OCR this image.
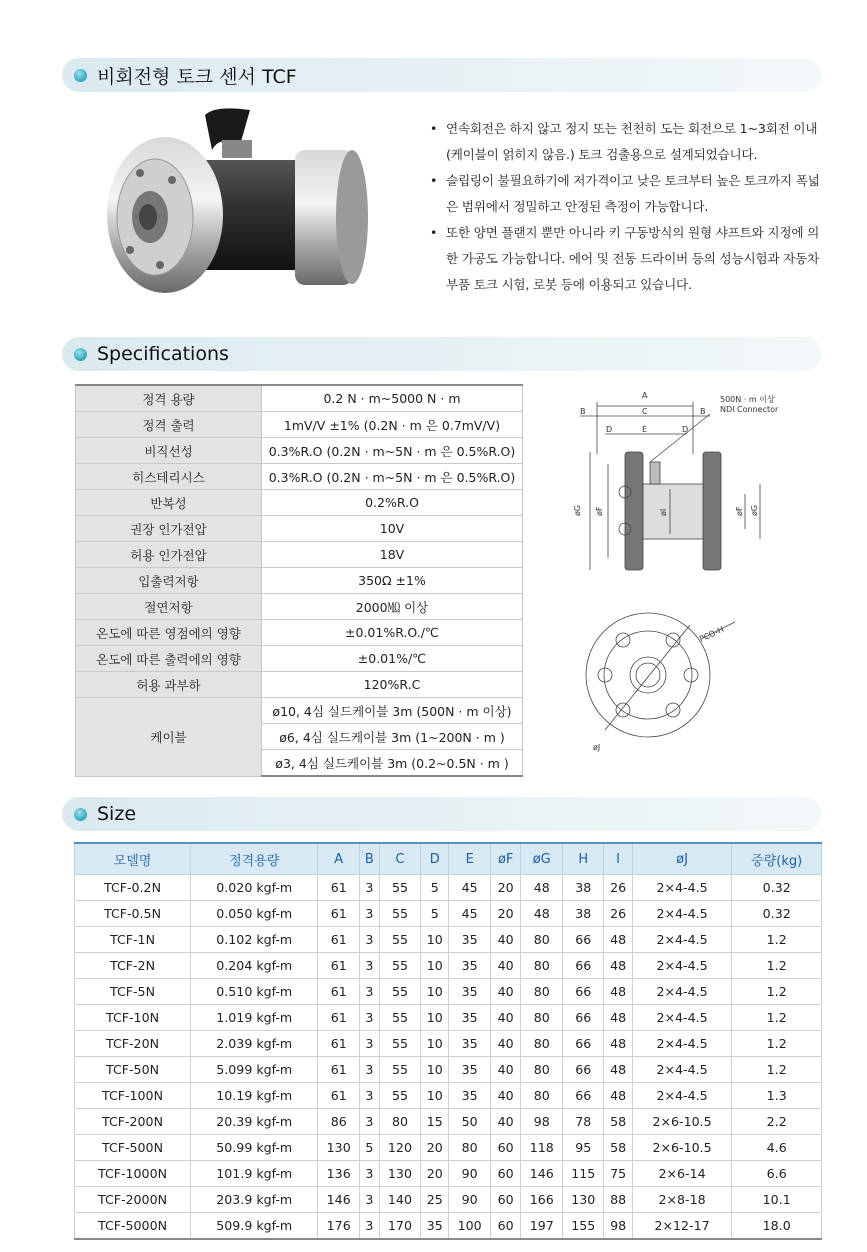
비회전형 토크 센서 TCF
• 연속회전은 하지 않고 정지 또는 천천히 도는 회전으로 1~3회전 이내 (케이블이 얽히지 않음.) 토크 검출용으로 설계되었습니다.
• 슬립링이 불필요하기에 저가격이고 낮은 토크부터 높은 토크까지 폭넓은 범위에서 정밀하고 안정된 측정이 가능합니다.
• 또한 양면 플랜지 뿐만 아니라 키 구동방식의 원형 샤프트와 지정에 의한 가공도 가능합니다. 에어 및 전동 드라이버 등의 성능시험과 자동차 부품 토크 시험, 로봇 등에 이용되고 있습니다.
Specifications
정격 용량	0.2 N · m~5000 N · m
정격 출력	1mV/V ±1% (0.2N · m 은 0.7mV/V)
비직선성	0.3%R.O (0.2N · m~5N · m 은 0.5%R.O)
히스테리시스	0.3%R.O (0.2N · m~5N · m 은 0.5%R.O)
반복성	0.2%R.O
권장 인가전압	10V
허용 인가전압	18V
입출력저항	350Ω ±1%
절연저항	2000㏁ 이상
온도에 따른 영점에의 영향	±0.01%R.O./℃
온도에 따른 출력에의 영향	±0.01%/℃
허용 과부하	120%R.C
케이블	ø10, 4심 실드케이블 3m (500N · m 이상)
	ø6, 4심 실드케이블 3m (1~200N · m )
	ø3, 4심 실드케이블 3m (0.2~0.5N · m )
A
B	B
C
D	E	D
500N · m 이상
NDI Connector
øG øF	øI	øF øG
PCO-H
øJ
Size
모델명	정격용량	A	B	C	D	E	øF	øG	H	I	øJ	중량(kg)
TCF-0.2N	0.020 kgf-m	61	3	55	5	45	20	48	38	26	2×4-4.5	0.32
TCF-0.5N	0.050 kgf-m	61	3	55	5	45	20	48	38	26	2×4-4.5	0.32
TCF-1N	0.102 kgf-m	61	3	55	10	35	40	80	66	48	2×4-4.5	1.2
TCF-2N	0.204 kgf-m	61	3	55	10	35	40	80	66	48	2×4-4.5	1.2
TCF-5N	0.510 kgf-m	61	3	55	10	35	40	80	66	48	2×4-4.5	1.2
TCF-10N	1.019 kgf-m	61	3	55	10	35	40	80	66	48	2×4-4.5	1.2
TCF-20N	2.039 kgf-m	61	3	55	10	35	40	80	66	48	2×4-4.5	1.2
TCF-50N	5.099 kgf-m	61	3	55	10	35	40	80	66	48	2×4-4.5	1.2
TCF-100N	10.19 kgf-m	61	3	55	10	35	40	80	66	48	2×4-4.5	1.3
TCF-200N	20.39 kgf-m	86	3	80	15	50	40	98	78	58	2×6-10.5	2.2
TCF-500N	50.99 kgf-m	130	5	120	20	80	60	118	95	58	2×6-10.5	4.6
TCF-1000N	101.9 kgf-m	136	3	130	20	90	60	146	115	75	2×6-14	6.6
TCF-2000N	203.9 kgf-m	146	3	140	25	90	60	166	130	88	2×8-18	10.1
TCF-5000N	509.9 kgf-m	176	3	170	35	100	60	197	155	98	2×12-17	18.0
